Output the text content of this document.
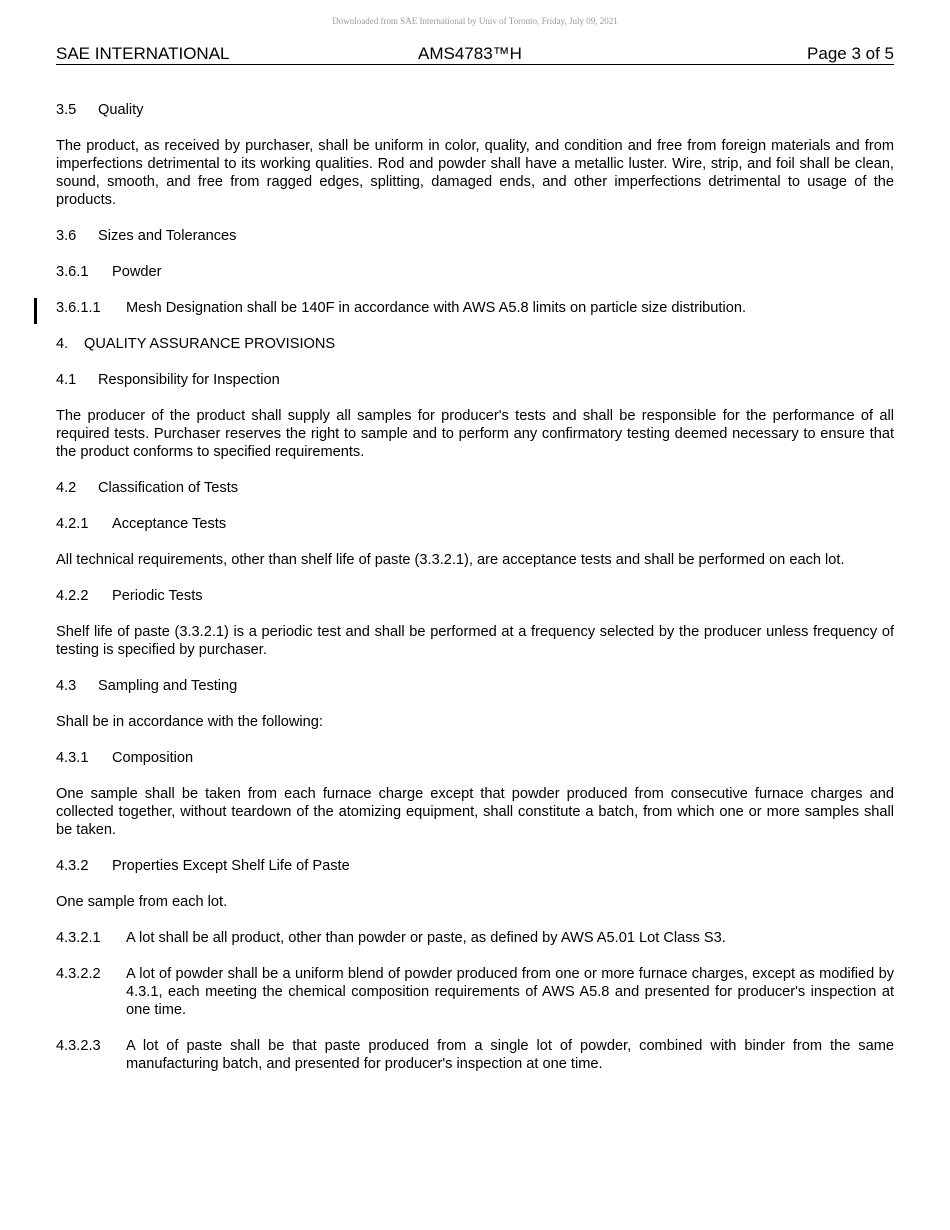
Downloaded from SAE International by Univ of Toronto, Friday, July 09, 2021
SAE INTERNATIONAL	AMS4783™H	Page 3 of 5
3.5 Quality
The product, as received by purchaser, shall be uniform in color, quality, and condition and free from foreign materials and from imperfections detrimental to its working qualities. Rod and powder shall have a metallic luster. Wire, strip, and foil shall be clean, sound, smooth, and free from ragged edges, splitting, damaged ends, and other imperfections detrimental to usage of the products.
3.6 Sizes and Tolerances
3.6.1 Powder
3.6.1.1	Mesh Designation shall be 140F in accordance with AWS A5.8 limits on particle size distribution.
4. QUALITY ASSURANCE PROVISIONS
4.1 Responsibility for Inspection
The producer of the product shall supply all samples for producer's tests and shall be responsible for the performance of all required tests. Purchaser reserves the right to sample and to perform any confirmatory testing deemed necessary to ensure that the product conforms to specified requirements.
4.2 Classification of Tests
4.2.1 Acceptance Tests
All technical requirements, other than shelf life of paste (3.3.2.1), are acceptance tests and shall be performed on each lot.
4.2.2 Periodic Tests
Shelf life of paste (3.3.2.1) is a periodic test and shall be performed at a frequency selected by the producer unless frequency of testing is specified by purchaser.
4.3 Sampling and Testing
Shall be in accordance with the following:
4.3.1 Composition
One sample shall be taken from each furnace charge except that powder produced from consecutive furnace charges and collected together, without teardown of the atomizing equipment, shall constitute a batch, from which one or more samples shall be taken.
4.3.2 Properties Except Shelf Life of Paste
One sample from each lot.
4.3.2.1	A lot shall be all product, other than powder or paste, as defined by AWS A5.01 Lot Class S3.
4.3.2.2	A lot of powder shall be a uniform blend of powder produced from one or more furnace charges, except as modified by 4.3.1, each meeting the chemical composition requirements of AWS A5.8 and presented for producer's inspection at one time.
4.3.2.3	A lot of paste shall be that paste produced from a single lot of powder, combined with binder from the same manufacturing batch, and presented for producer's inspection at one time.
